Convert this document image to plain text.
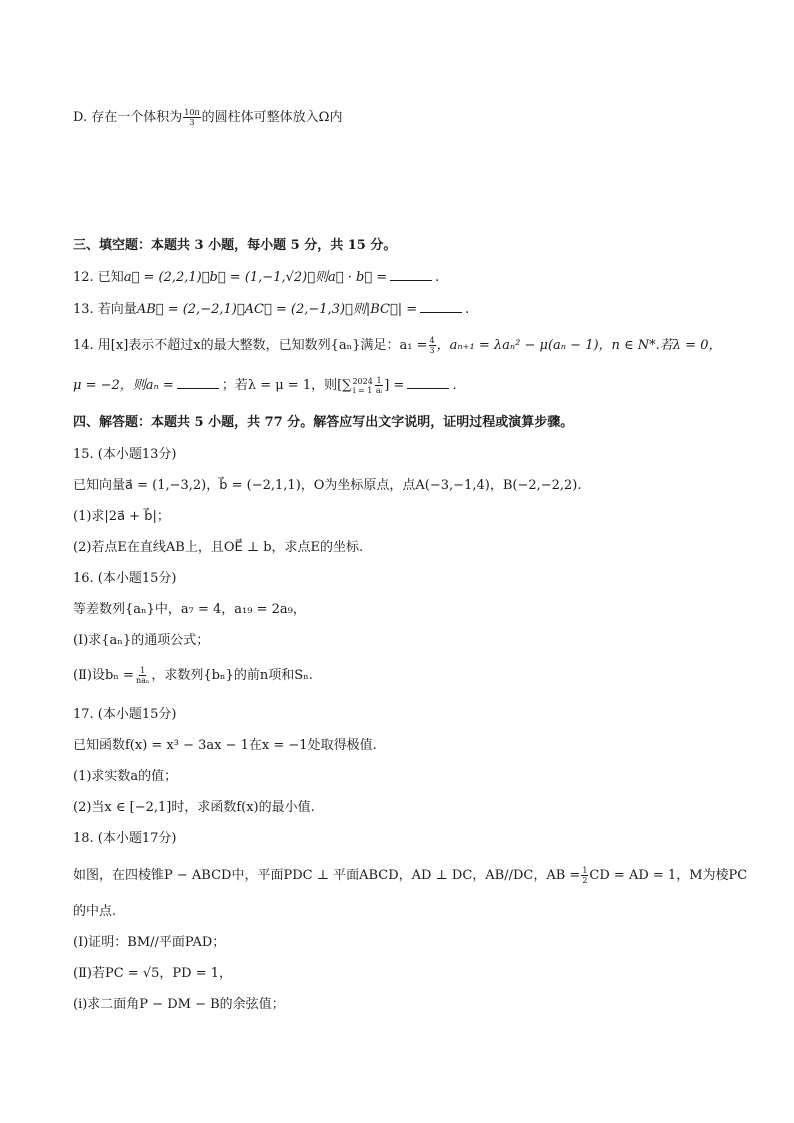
D. 存在一个体积为 $\frac{10\pi}{3}$ 的圆柱体可整体放入Ω内
三、填空题：本题共 3 小题，每小题 5 分，共 15 分。
12. 已知a⃗ = (2,2,1)，b⃗ = (1,−1,√2)，则a⃗ · b⃗ =	.
13. 若向量AB⃗ = (2,−2,1)，AC⃗ = (2,−1,3)，则|BC⃗| =	.
14. 用[x]表示不超过x的最大整数，已知数列{aₙ}满足：$a_1 = \frac{4}{3}$ ，aₙ₊₁ = λaₙ² − μ(aₙ − 1)，n ∈ N*.若λ = 0，
μ = −2，则aₙ =	；若λ = μ = 1，则[∑ 2024
$i = 1 \frac{1}{\text{aᵢ}}$ ] =	.
四、解答题：本题共 5 小题，共 77 分。解答应写出文字说明，证明过程或演算步骤。
15. (本小题13分)
已知向量a⃗ = (1,−3,2)，b⃗ = (−2,1,1)，O为坐标原点，点A(−3,−1,4)，B(−2,−2,2).
(1)求|2a⃗ + b⃗|；
(2)若点E在直线AB上，且OE⃗ ⊥ b，求点E的坐标.
16. (本小题15分)
等差数列{aₙ}中，a₇ = 4，a₁₉ = 2a₉，
(Ⅰ)求{aₙ}的通项公式；
(Ⅱ)设$b_n = \frac{1}{\text{naₙ}}$ ，求数列{bₙ}的前n项和Sₙ.
17. (本小题15分)
已知函数f(x) = x³ − 3ax − 1在x = −1处取得极值.
(1)求实数a的值；
(2)当x ∈ [−2,1]时，求函数f(x)的最小值.
18. (本小题17分)
如图，在四棱锥P − ABCD中，平面PDC ⊥ 平面ABCD，AD ⊥ DC，AB//DC，AB = $\frac{1}{2}$ CD = AD = 1，M为棱PC
的中点.
(Ⅰ)证明：BM//平面PAD；
(Ⅱ)若PC = √5，PD = 1，
(i)求二面角P − DM − B的余弦值；
